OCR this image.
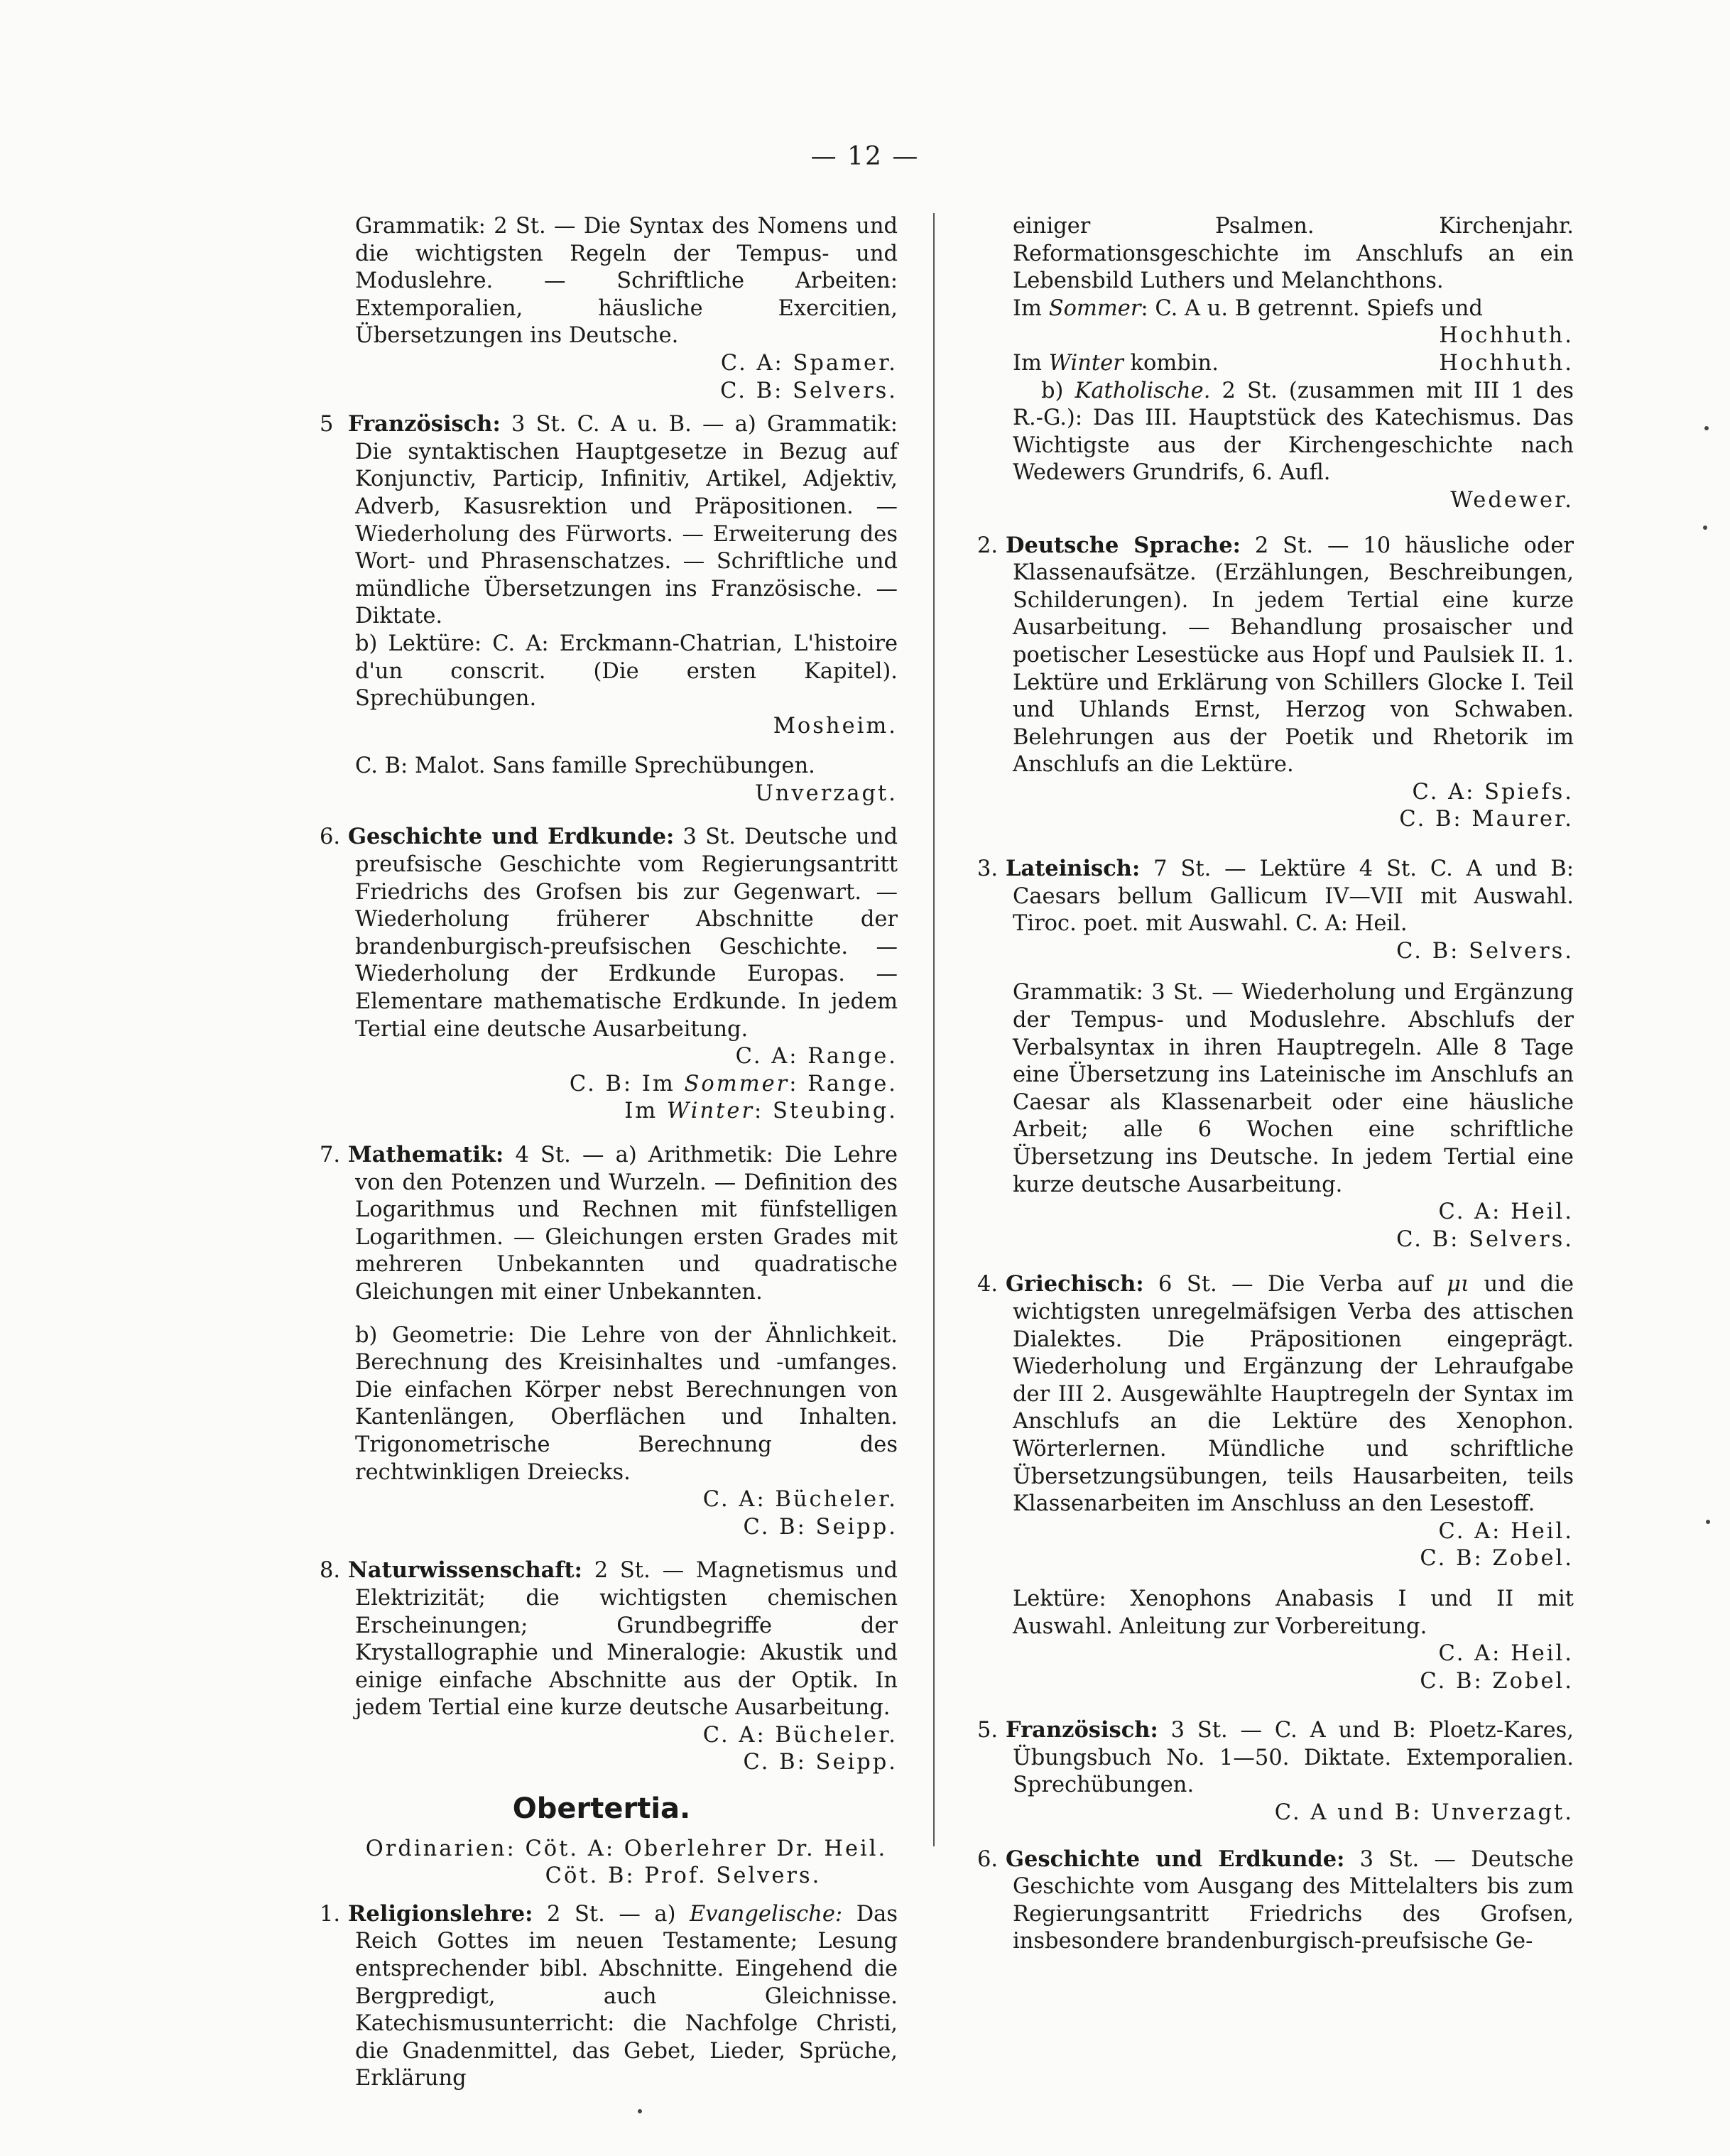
— 12 —

Grammatik: 2 St. — Die Syntax des Nomens und die wichtigsten Regeln der Tempus- und Moduslehre. — Schriftliche Arbeiten: Extemporalien, häusliche Exercitien, Übersetzungen ins Deutsche.

C. A: Spamer.
C. B: Selvers.

5 Französisch: 3 St. C. A u. B. — a) Grammatik: Die syntaktischen Hauptgesetze in Bezug auf Konjunctiv, Particip, Infinitiv, Artikel, Adjektiv, Adverb, Kasusrektion und Präpositionen. — Wiederholung des Fürworts. — Erweiterung des Wort- und Phrasenschatzes. — Schriftliche und mündliche Übersetzungen ins Französische. — Diktate.

b) Lektüre: C. A: Erckmann-Chatrian, L'histoire d'un conscrit. (Die ersten Kapitel). Sprechübungen.

Mosheim.

C. B: Malot. Sans famille Sprechübungen.

Unverzagt.

6. Geschichte und Erdkunde: 3 St. Deutsche und preufsische Geschichte vom Regierungsantritt Friedrichs des Grofsen bis zur Gegenwart. — Wiederholung früherer Abschnitte der brandenburgisch-preufsischen Geschichte. — Wiederholung der Erdkunde Europas. — Elementare mathematische Erdkunde. In jedem Tertial eine deutsche Ausarbeitung.

C. A: Range.
C. B: Im Sommer: Range.
Im Winter: Steubing.

7. Mathematik: 4 St. — a) Arithmetik: Die Lehre von den Potenzen und Wurzeln. — Definition des Logarithmus und Rechnen mit fünfstelligen Logarithmen. — Gleichungen ersten Grades mit mehreren Unbekannten und quadratische Gleichungen mit einer Unbekannten.

b) Geometrie: Die Lehre von der Ähnlichkeit. Berechnung des Kreisinhaltes und -umfanges. Die einfachen Körper nebst Berechnungen von Kantenlängen, Oberflächen und Inhalten. Trigonometrische Berechnung des rechtwinkligen Dreiecks.

C. A: Bücheler.
C. B: Seipp.

8. Naturwissenschaft: 2 St. — Magnetismus und Elektrizität; die wichtigsten chemischen Erscheinungen; Grundbegriffe der Krystallographie und Mineralogie: Akustik und einige einfache Abschnitte aus der Optik. In jedem Tertial eine kurze deutsche Ausarbeitung.

C. A: Bücheler.
C. B: Seipp.
Obertertia.
Ordinarien: Cöt. A: Oberlehrer Dr. Heil.
Cöt. B: Prof. Selvers.

1. Religionslehre: 2 St. — a) Evangelische: Das Reich Gottes im neuen Testamente; Lesung entsprechender bibl. Abschnitte. Eingehend die Bergpredigt, auch Gleichnisse. Katechismusunterricht: die Nachfolge Christi, die Gnadenmittel, das Gebet, Lieder, Sprüche, Erklärung

einiger Psalmen. Kirchenjahr. Reformationsgeschichte im Anschlufs an ein Lebensbild Luthers und Melanchthons.

Im Sommer: C. A u. B getrennt. Spiefs und

Hochhuth.

Im Winter kombin.	Hochhuth.

b) Katholische. 2 St. (zusammen mit III 1 des R.-G.): Das III. Hauptstück des Katechismus. Das Wichtigste aus der Kirchengeschichte nach Wedewers Grundrifs, 6. Aufl.

Wedewer.

2. Deutsche Sprache: 2 St. — 10 häusliche oder Klassenaufsätze. (Erzählungen, Beschreibungen, Schilderungen). In jedem Tertial eine kurze Ausarbeitung. — Behandlung prosaischer und poetischer Lesestücke aus Hopf und Paulsiek II. 1. Lektüre und Erklärung von Schillers Glocke I. Teil und Uhlands Ernst, Herzog von Schwaben. Belehrungen aus der Poetik und Rhetorik im Anschlufs an die Lektüre.

C. A: Spiefs.
C. B: Maurer.

3. Lateinisch: 7 St. — Lektüre 4 St. C. A und B: Caesars bellum Gallicum IV—VII mit Auswahl. Tiroc. poet. mit Auswahl. C. A: Heil.

C. B: Selvers.

Grammatik: 3 St. — Wiederholung und Ergänzung der Tempus- und Moduslehre. Abschlufs der Verbalsyntax in ihren Hauptregeln. Alle 8 Tage eine Übersetzung ins Lateinische im Anschlufs an Caesar als Klassenarbeit oder eine häusliche Arbeit; alle 6 Wochen eine schriftliche Übersetzung ins Deutsche. In jedem Tertial eine kurze deutsche Ausarbeitung.

C. A: Heil.
C. B: Selvers.

4. Griechisch: 6 St. — Die Verba auf μι und die wichtigsten unregelmäfsigen Verba des attischen Dialektes. Die Präpositionen eingeprägt. Wiederholung und Ergänzung der Lehraufgabe der III 2. Ausgewählte Hauptregeln der Syntax im Anschlufs an die Lektüre des Xenophon. Wörterlernen. Mündliche und schriftliche Übersetzungsübungen, teils Hausarbeiten, teils Klassenarbeiten im Anschluss an den Lesestoff.

C. A: Heil.
C. B: Zobel.

Lektüre: Xenophons Anabasis I und II mit Auswahl. Anleitung zur Vorbereitung.

C. A: Heil.
C. B: Zobel.

5. Französisch: 3 St. — C. A und B: Ploetz-Kares, Übungsbuch No. 1—50. Diktate. Extemporalien. Sprechübungen.

C. A und B: Unverzagt.

6. Geschichte und Erdkunde: 3 St. — Deutsche Geschichte vom Ausgang des Mittelalters bis zum Regierungsantritt Friedrichs des Grofsen, insbesondere brandenburgisch-preufsische Ge-
